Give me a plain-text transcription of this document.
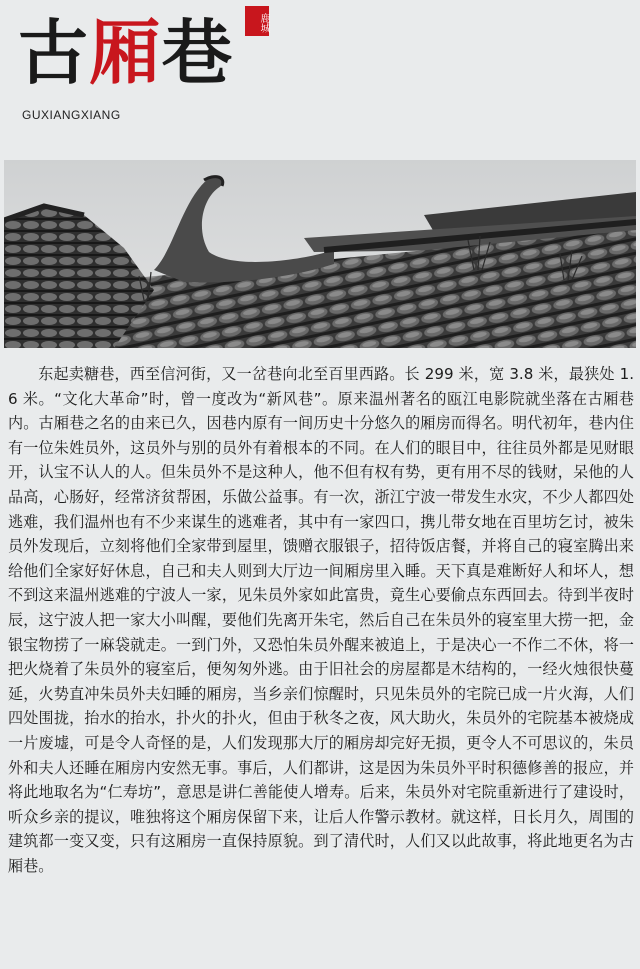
古厢巷	鹿城
GUXIANGXIANG

东起卖糖巷，西至信河街，又一岔巷向北至百里西路。长 299 米，宽 3.8 米，最狭处 1.6 米。“文化大革命”时，曾一度改为“新风巷”。原来温州著名的瓯江电影院就坐落在古厢巷内。古厢巷之名的由来已久，因巷内原有一间历史十分悠久的厢房而得名。明代初年，巷内住有一位朱姓员外，这员外与别的员外有着根本的不同。在人们的眼目中，往往员外都是见财眼开，认宝不认人的人。但朱员外不是这种人，他不但有权有势，更有用不尽的钱财，呆他的人品高，心肠好，经常济贫帮困，乐做公益事。有一次，浙江宁波一带发生水灾，不少人都四处逃难，我们温州也有不少来谋生的逃难者，其中有一家四口，携儿带女地在百里坊乞讨，被朱员外发现后，立刻将他们全家带到屋里，馈赠衣服银子，招待饭店餐，并将自己的寝室腾出来给他们全家好好休息，自己和夫人则到大厅边一间厢房里入睡。天下真是难断好人和坏人，想不到这来温州逃难的宁波人一家，见朱员外家如此富贵，竟生心要偷点东西回去。待到半夜时辰，这宁波人把一家大小叫醒，要他们先离开朱宅，然后自己在朱员外的寝室里大捞一把，金银宝物捞了一麻袋就走。一到门外，又恐怕朱员外醒来被追上，于是决心一不作二不休，将一把火烧着了朱员外的寝室后，便匆匆外逃。由于旧社会的房屋都是木结构的，一经火烛很快蔓延，火势直冲朱员外夫妇睡的厢房，当乡亲们惊醒时，只见朱员外的宅院已成一片火海，人们四处围拢，抬水的抬水，扑火的扑火，但由于秋冬之夜，风大助火，朱员外的宅院基本被烧成一片废墟，可是令人奇怪的是，人们发现那大厅的厢房却完好无损，更令人不可思议的，朱员外和夫人还睡在厢房内安然无事。事后，人们都讲，这是因为朱员外平时积德修善的报应，并将此地取名为“仁寿坊”，意思是讲仁善能使人增寿。后来，朱员外对宅院重新进行了建设时，听众乡亲的提议，唯独将这个厢房保留下来，让后人作警示教材。就这样，日长月久，周围的建筑都一变又变，只有这厢房一直保持原貌。到了清代时，人们又以此故事，将此地更名为古厢巷。
